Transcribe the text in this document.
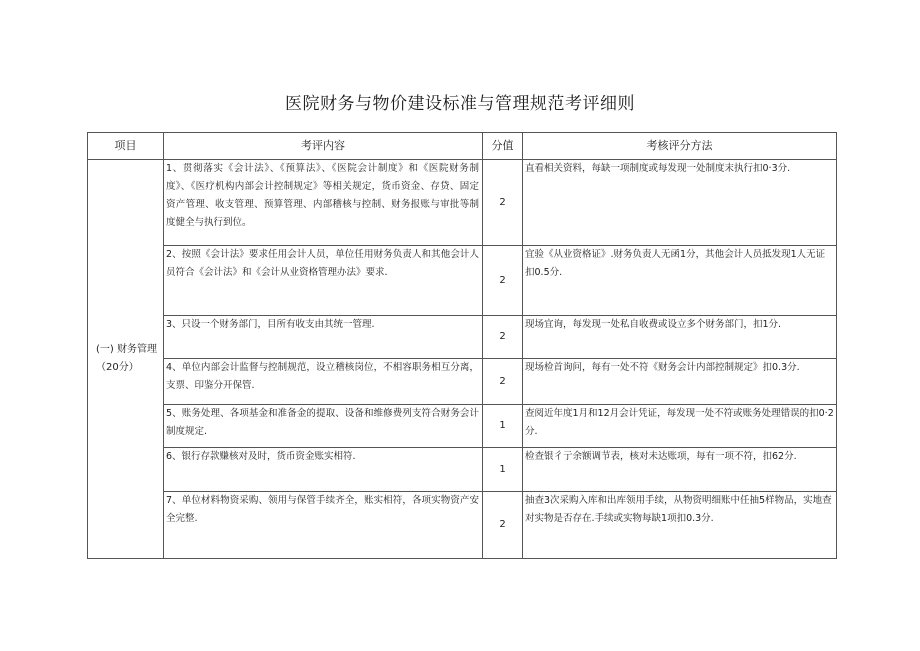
医院财务与物价建设标准与管理规范考评细则
项目	考评内容	分值	考核评分方法
(一) 财务管理（20分）	1、贯彻落实《会计法》、《预算法》、《医院会计制度》和《医院财务制度》、《医疗机构内部会计控制规定》等相关规定，货币资金、存贷、固定资产管理、收支管理、预算管理、内部稽核与控制、财务报账与审批等制度健全与执行到位。	2	直看相关资料，每缺一项制度或每发现一处制度末执行扣0·3分.
	2、按照《会计法》要求任用会计人员，单位任用财务负责人和其他会计人员符合《会计法》和《会计从业资格管理办法》要求.	2	宜验《从业资格证》.财务负责人无函1分，其他会计人员抵发现1人无证扣0.5分.
	3、只设一个财务部门，目所有收支由其统一管理.	2	现场宜询，每发现一处私自收费或设立多个财务部门，扣1分.
	4、单位内部会计监督与控制规范，设立稽核岗位，不相容职务相互分离，支票、印鉴分开保管.	2	现场检首询问，每有一处不符《财务会计内部控制规定》扣0.3分.
	5、账务处理、各项基金和准备金的提取、设备和维修费列支符合财务会计制度规定.	1	查阅近年度1月和12月会计凭证，每发现一处不符或账务处理错误的扣0·2分.
	6、银行存款赚核对及时，货币资金账实相符.	1	检查银彳亍余额调节表，核对未达账项，每有一项不符，扣62分.
	7、单位材料物资采购、领用与保管手续齐全，账实相符，各项实物资产安全完整.	2	抽查3次采购入库和出库领用手续，从物资明细账中任抽5样物品，实地查对实物是否存在.手续或实物每缺1项扣0.3分.
